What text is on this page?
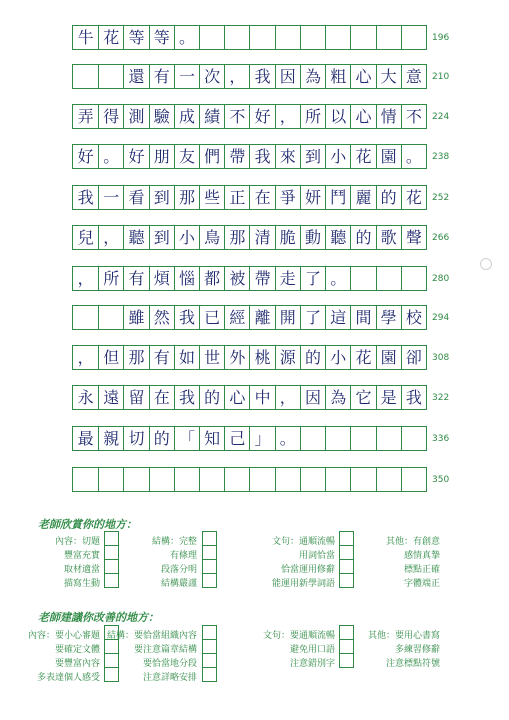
牛 花 等 等 。	196
還 有 一 次 ， 我 因 為 粗 心 大 意	210
弄 得 測 驗 成 績 不 好 ， 所 以 心 情 不	224
好 。 好 朋 友 們 帶 我 來 到 小 花 園 。	238
我 一 看 到 那 些 正 在 爭 妍 鬥 麗 的 花	252
兒 ， 聽 到 小 鳥 那 清 脆 動 聽 的 歌 聲	266
， 所 有 煩 惱 都 被 帶 走 了 。	280
雖 然 我 已 經 離 開 了 這 間 學 校	294
， 但 那 有 如 世 外 桃 源 的 小 花 園 卻	308
永 遠 留 在 我 的 心 中 ， 因 為 它 是 我	322
最 親 切 的 「 知 己 」 。	336
350
老師欣賞你的地方：
內容：切題	結構：完整	文句：通順流暢	其他：有創意
豐富充實	有條理	用詞恰當	感情真摯
取材適當	段落分明	恰當運用修辭	標點正確
描寫生動	結構嚴謹	能運用新學詞語	字體端正
老師建議你改善的地方：
內容：要小心審題 結構：要恰當組織內容	文句：要通順流暢	其他：要用心書寫
要確定文體	要注意篇章結構	避免用口語	多練習修辭
要豐富內容	要恰當地分段	注意錯別字	注意標點符號
多表達個人感受	注意詳略安排
